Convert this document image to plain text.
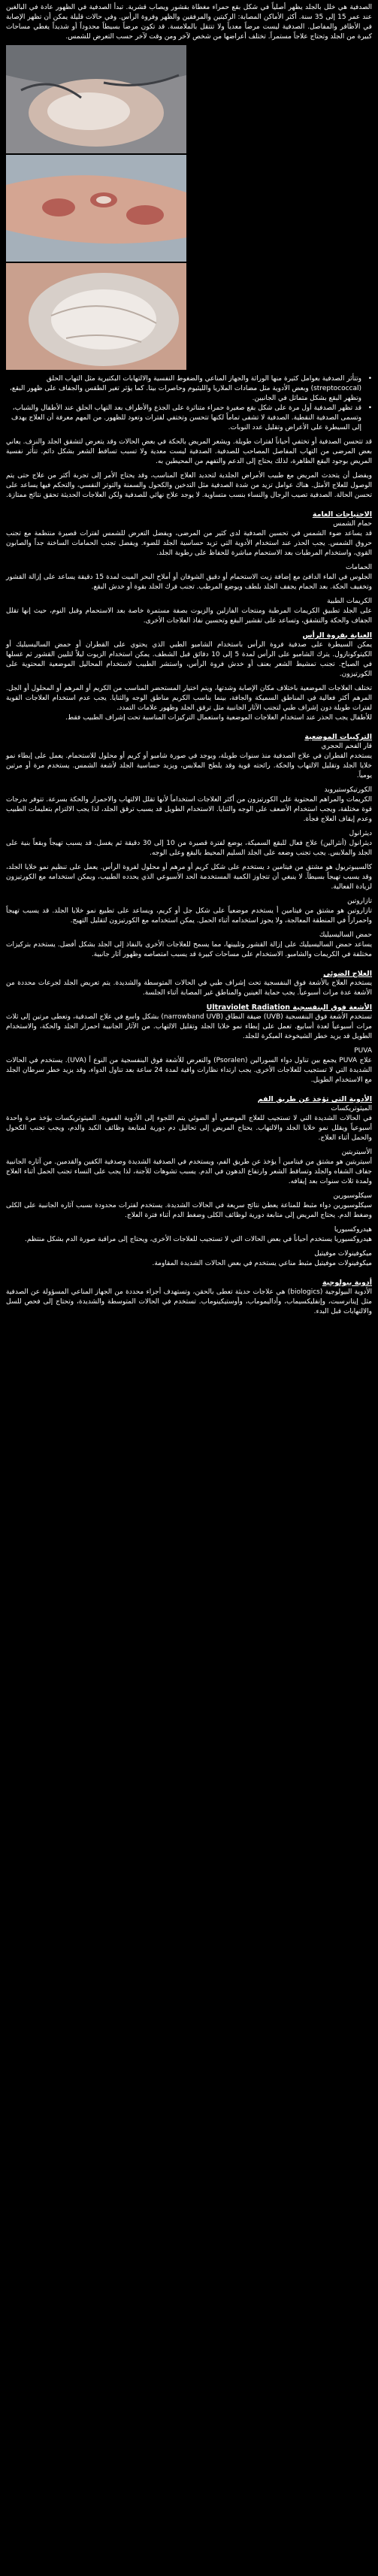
الصدفية هي خلل بالجلد يظهر أصلياً في شكل بقع حمراء مغطاة بقشور ويصاب قشرية. تبدأ الصدفية في الظهور عادة في البالغين عند عمر 15 إلى 35 سنة. أكثر الأماكن المصابة: الركبتين والمرفقين والظهر وفروة الرأس. وفي حالات قليلة يمكن أن تظهر الإصابة في الأظافر والمفاصل. الصدفية ليست مرضاً معدياً ولا تنتقل بالملامسة. قد تكون مرضاً بسيطاً محدوداً أو شديداً يغطي مساحات كبيرة من الجلد وتحتاج علاجاً مستمراً. تختلف أعراضها من شخص لآخر ومن وقت لآخر حسب التعرض للشمس.
• وتتأثر الصدفية بعوامل كثيرة منها الوراثة والجهاز المناعي والضغوط النفسية والالتهابات البكتيرية مثل التهاب الحلق (streptococcal) وبعض الأدوية مثل مضادات الملاريا والليثيوم وحاصرات بيتا. كما يؤثر تغير الطقس والجفاف على ظهور البقع، وتظهر البقع بشكل متماثل في الجانبين.
• قد تظهر الصدفية أول مرة على شكل بقع صغيرة حمراء متناثرة على الجذع والأطراف بعد التهاب الحلق عند الأطفال والشباب، وتسمى الصدفية النقطية. الصدفية لا تشفى تماماً لكنها تتحسن وتختفي لفترات وتعود للظهور. من المهم معرفة أن العلاج يهدف إلى السيطرة على الأعراض وتقليل عدد النوبات.
قد تتحسن الصدفية أو تختفي أحياناً لفترات طويلة. ويشعر المريض بالحكة في بعض الحالات وقد يتعرض لتشقق الجلد والنزف. يعاني بعض المرضى من التهاب المفاصل المصاحب للصدفية. الصدفية ليست معدية ولا تسبب تساقط الشعر بشكل دائم. تتأثر نفسية المريض بوجود البقع الظاهرة، لذلك يحتاج إلى الدعم والتفهم من المحيطين به.
ويفضل أن يتحدث المريض مع طبيب الأمراض الجلدية لتحديد العلاج المناسب، وقد يحتاج الأمر إلى تجربة أكثر من علاج حتى يتم الوصول للعلاج الأمثل. هناك عوامل تزيد من شدة الصدفية مثل التدخين والكحول والسمنة والتوتر النفسي، والتحكم فيها يساعد على تحسن الحالة. الصدفية تصيب الرجال والنساء بنسب متساوية. لا يوجد علاج نهائي للصدفية ولكن العلاجات الحديثة تحقق نتائج ممتازة.
الاحتياجات العامة
حمام الشمس
قد يساعد ضوء الشمس في تحسين الصدفية لدى كثير من المرضى، ويفضل التعرض للشمس لفترات قصيرة منتظمة مع تجنب حروق الشمس. يجب الحذر عند استخدام الأدوية التي تزيد حساسية الجلد للضوء. ويفضل تجنب الحمامات الساخنة جداً والصابون القوي، واستخدام المرطبات بعد الاستحمام مباشرة للحفاظ على رطوبة الجلد.
الحمامات
الجلوس في الماء الدافئ مع إضافة زيت الاستحمام أو دقيق الشوفان أو أملاح البحر الميت لمدة 15 دقيقة يساعد على إزالة القشور وتخفيف الحكة. بعد الحمام يجفف الجلد بلطف ويوضع المرطب. تجنب فرك الجلد بقوة أو خدش البقع.
الكريمات الطبية
على الجلد تطبيق الكريمات المرطبة ومنتجات الفازلين والزيوت بصفة مستمرة خاصة بعد الاستحمام وقبل النوم، حيث إنها تقلل الجفاف والحكة والتشقق، وتساعد على تقشير البقع وتحسين نفاذ العلاجات الأخرى.
العناية بفروة الرأس
يمكن السيطرة على صدفية فروة الرأس باستخدام الشامبو الطبي الذي يحتوي على القطران أو حمض الساليسيليك أو الكيتوكونازول. يترك الشامبو على الرأس لمدة 5 إلى 10 دقائق قبل الشطف. يمكن استخدام الزيوت ليلاً لتليين القشور ثم غسلها في الصباح. تجنب تمشيط الشعر بعنف أو خدش فروة الرأس، واستشر الطبيب لاستخدام المحاليل الموضعية المحتوية على الكورتيزون.
تختلف العلاجات الموضعية باختلاف مكان الإصابة وشدتها، ويتم اختيار المستحضر المناسب من الكريم أو المرهم أو المحلول أو الجل. المرهم أكثر فعالية في المناطق السميكة والجافة، بينما يناسب الكريم مناطق الوجه والثنايا. يجب عدم استخدام العلاجات القوية لفترات طويلة دون إشراف طبي لتجنب الآثار الجانبية مثل ترقق الجلد وظهور علامات التمدد.
للأطفال يجب الحذر عند استخدام العلاجات الموضعية واستعمال التركيزات المناسبة تحت إشراف الطبيب فقط.
التركيبات الموضعية
قار الفحم الحجري
يستخدم القطران في علاج الصدفية منذ سنوات طويلة، ويوجد في صورة شامبو أو كريم أو محلول للاستحمام. يعمل على إبطاء نمو خلايا الجلد وتقليل الالتهاب والحكة. رائحته قوية وقد يلطخ الملابس، ويزيد حساسية الجلد لأشعة الشمس. يستخدم مرة أو مرتين يومياً.
الكورتيكوستيرويد
الكريمات والمراهم المحتوية على الكورتيزون من أكثر العلاجات استخداماً لأنها تقلل الالتهاب والاحمرار والحكة بسرعة. تتوفر بدرجات قوة مختلفة، ويجب استخدام الأضعف على الوجه والثنايا. الاستخدام الطويل قد يسبب ترقق الجلد، لذا يجب الالتزام بتعليمات الطبيب وعدم إيقاف العلاج فجأة.
ديثرانول
ديثرانول (أنثرالين) علاج فعال للبقع السميكة، يوضع لفترة قصيرة من 10 إلى 30 دقيقة ثم يغسل. قد يسبب تهيجاً وبقعاً بنية على الجلد والملابس. يجب تجنب وضعه على الجلد السليم المحيط بالبقع وعلى الوجه.
كالسيبوتريول هو مشتق من فيتامين د يستخدم على شكل كريم أو مرهم أو محلول لفروة الرأس. يعمل على تنظيم نمو خلايا الجلد، وقد يسبب تهيجاً بسيطاً. لا ينبغي أن تتجاوز الكمية المستخدمة الحد الأسبوعي الذي يحدده الطبيب، ويمكن استخدامه مع الكورتيزون لزيادة الفعالية.
تازاروتين
تازاروتين هو مشتق من فيتامين أ يستخدم موضعياً على شكل جل أو كريم، ويساعد على تطبيع نمو خلايا الجلد. قد يسبب تهيجاً واحمراراً في المنطقة المعالجة، ولا يجوز استخدامه أثناء الحمل. يمكن استخدامه مع الكورتيزون لتقليل التهيج.
حمض الساليسيليك
يساعد حمض الساليسيليك على إزالة القشور وتليينها، مما يسمح للعلاجات الأخرى بالنفاذ إلى الجلد بشكل أفضل. يستخدم بتركيزات مختلفة في الكريمات والشامبو. الاستخدام على مساحات كبيرة قد يسبب امتصاصه وظهور آثار جانبية.
العلاج الضوئي
يستخدم العلاج بالأشعة فوق البنفسجية تحت إشراف طبي في الحالات المتوسطة والشديدة. يتم تعريض الجلد لجرعات محددة من الأشعة عدة مرات أسبوعياً. يجب حماية العينين والمناطق غير المصابة أثناء الجلسة.
الأشعة فوق البنفسجية Ultraviolet Radiation
تستخدم الأشعة فوق البنفسجية (UVB) ضيقة النطاق (narrowband UVB) بشكل واسع في علاج الصدفية، وتعطى مرتين إلى ثلاث مرات أسبوعياً لعدة أسابيع. تعمل على إبطاء نمو خلايا الجلد وتقليل الالتهاب. من الآثار الجانبية احمرار الجلد والحكة، والاستخدام الطويل قد يزيد خطر الشيخوخة المبكرة للجلد.
PUVA
علاج PUVA يجمع بين تناول دواء السورالين (Psoralen) والتعرض للأشعة فوق البنفسجية من النوع أ (UVA). يستخدم في الحالات الشديدة التي لا تستجيب للعلاجات الأخرى. يجب ارتداء نظارات واقية لمدة 24 ساعة بعد تناول الدواء، وقد يزيد خطر سرطان الجلد مع الاستخدام الطويل.
الأدوية التي تؤخذ عن طريق الفم
الميثوتريكسات
في الحالات الشديدة التي لا تستجيب للعلاج الموضعي أو الضوئي يتم اللجوء إلى الأدوية الفموية. الميثوتريكسات يؤخذ مرة واحدة أسبوعياً ويقلل نمو خلايا الجلد والالتهاب. يحتاج المريض إلى تحاليل دم دورية لمتابعة وظائف الكبد والدم، ويجب تجنب الكحول والحمل أثناء العلاج.
الأسيتريتين
أسيتريتين هو مشتق من فيتامين أ يؤخذ عن طريق الفم، ويستخدم في الصدفية الشديدة وصدفية الكفين والقدمين. من آثاره الجانبية جفاف الشفاه والجلد وتساقط الشعر وارتفاع الدهون في الدم. يسبب تشوهات للأجنة، لذا يجب على النساء تجنب الحمل أثناء العلاج ولمدة ثلاث سنوات بعد إيقافه.
سيكلوسبورين
سيكلوسبورين دواء مثبط للمناعة يعطي نتائج سريعة في الحالات الشديدة. يستخدم لفترات محدودة بسبب آثاره الجانبية على الكلى وضغط الدم. يحتاج المريض إلى متابعة دورية لوظائف الكلى وضغط الدم أثناء فترة العلاج.
هيدروكسيوريا
هيدروكسيوريا يستخدم أحياناً في بعض الحالات التي لا تستجيب للعلاجات الأخرى، ويحتاج إلى مراقبة صورة الدم بشكل منتظم.
ميكوفينولات موفيتيل
ميكوفينولات موفيتيل مثبط مناعي يستخدم في بعض الحالات الشديدة المقاومة.
أدوية بيولوجية
الأدوية البيولوجية (biologics) هي علاجات حديثة تعطى بالحقن، وتستهدف أجزاء محددة من الجهاز المناعي المسؤولة عن الصدفية مثل إيتانرسبت، وإنفليكسيماب، وأداليموماب، وأوستيكينوماب. تستخدم في الحالات المتوسطة والشديدة، وتحتاج إلى فحص للسل والالتهابات قبل البدء.
